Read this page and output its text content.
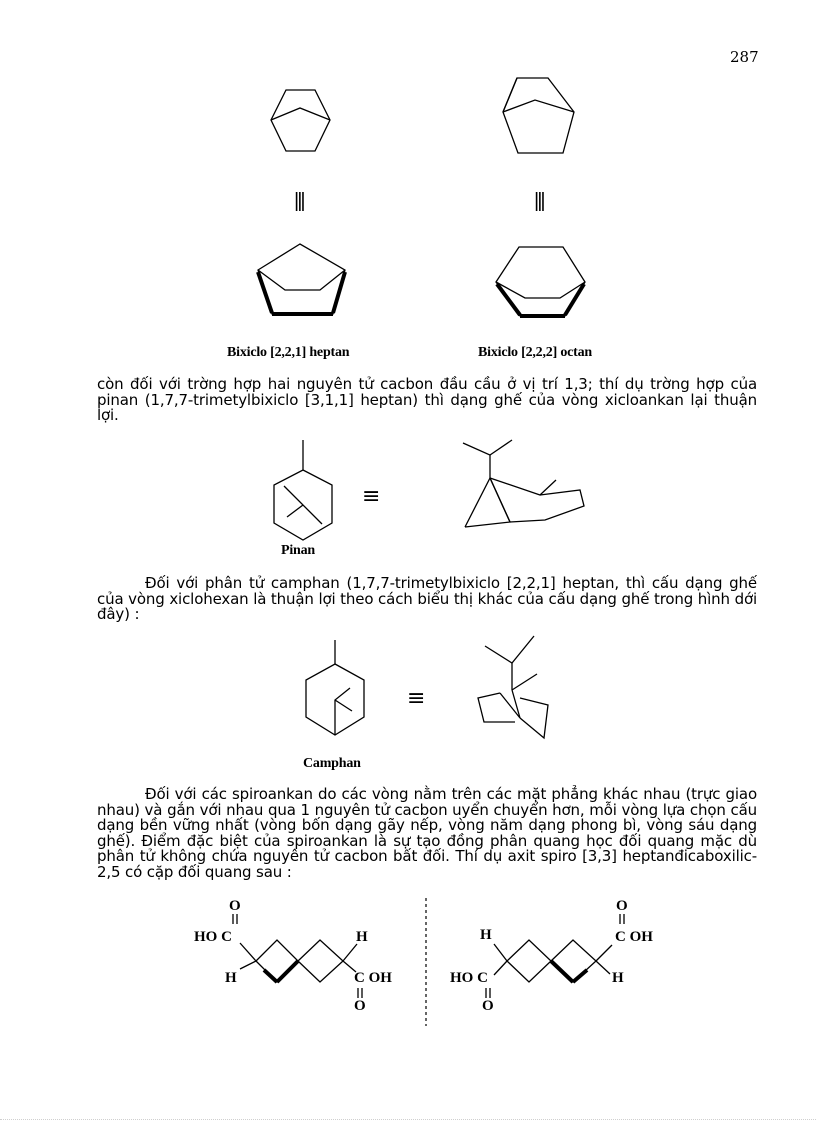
287
|||	|||
Bixiclo [2,2,1] heptan	Bixiclo [2,2,2] octan
còn đối với trờng hợp hai nguyên tử cacbon đầu cầu ở vị trí 1,3; thí dụ trờng hợp của pinan (1,7,7-trimetylbixiclo [3,1,1] heptan) thì dạng ghế của vòng xicloankan lại thuận lợi.
≡
Pinan
Đối với phân tử camphan (1,7,7-trimetylbixiclo [2,2,1] heptan, thì cấu dạng ghế của vòng xiclohexan là thuận lợi theo cách biểu thị khác của cấu dạng ghế trong hình dới đây) :
≡
Camphan
Đối với các spiroankan do các vòng nằm trên các mặt phẳng khác nhau (trực giao nhau) và gắn với nhau qua 1 nguyên tử cacbon uyển chuyển hơn, mỗi vòng lựa chọn cấu dạng bền vững nhất (vòng bốn dạng gãy nếp, vòng năm dạng phong bì, vòng sáu dạng ghế). Điểm đặc biệt của spiroankan là sự tạo đồng phân quang học đối quang mặc dù phân tử không chứa nguyên tử cacbon bất đối. Thí dụ axit spiro [3,3] heptanđicaboxilic-2,5 có cặp đối quang sau :
O
HO C
H
H
C OH
O
O
C OH
H
H
HO C
O
